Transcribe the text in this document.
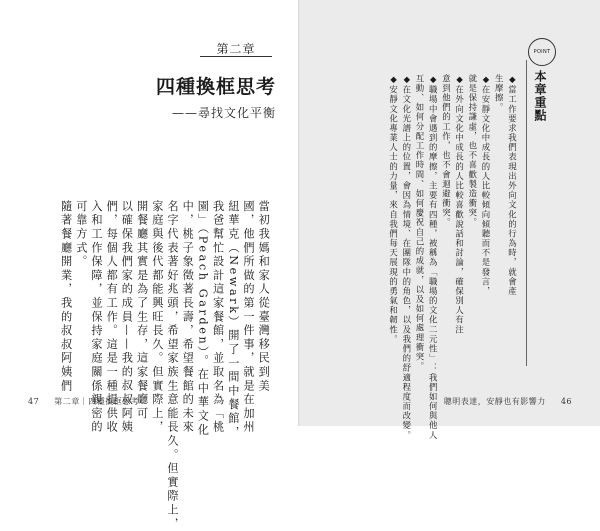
第二章
四種換框思考
——尋找文化平衡
當初我媽和家人從臺灣移民到美
國，他們所做的第一件事，就是在加州
紐華克（Newark）開了一間中餐館，
我爸幫忙設計這家餐館，並取名為「桃
園」（Peach Garden）。在中華文化
中，桃子象徵著長壽，希望餐館的未來
名字代表著好兆頭，希望家族生意能長久。但實際上，
家庭與後代都能興旺長久。但實際上，
開餐廳其實是為了生存，這家餐廳可
以確保我們家的成員——我的叔叔阿姨
們，每個人都有工作。這是一種提供收
入和工作保障，並保持家庭關係親密的
可靠方式。
隨著餐廳開業，我的叔叔阿姨們
47 第二章｜四種換框思考
POINT
本章重點
◆當工作要求我們表現出外向文化的行為時，就會產
生摩擦。
◆在安靜文化中成長的人比較傾向傾聽而不是發言，
就是保持謙虛，也不喜歡製造衝突。
◆在外向文化中成長的人比較喜歡說話和討論，確保別人有注
意到他們的工作，也不會迴避衝突。
◆職場中會遇到的摩擦，主要有四種，被稱為「職場的文化二元性」：我們如何與他人
互動、如何分配工作時間、如何慶祝自己的成就，以及如何處理衝突。
◆在文化光譜上的位置，會因為情境、在團隊中的角色，以及我們的舒適程度而改變。
◆安靜文化專業人士的力量，來自我們每天展現的勇氣和韌性。
聰明表達，安靜也有影響力 46
